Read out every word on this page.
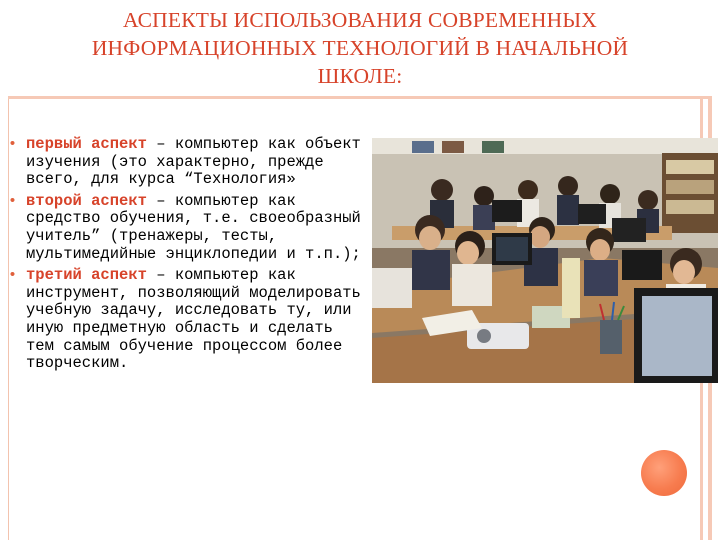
АСПЕКТЫ ИСПОЛЬЗОВАНИЯ СОВРЕМЕННЫХ
ИНФОРМАЦИОННЫХ ТЕХНОЛОГИЙ В НАЧАЛЬНОЙ
ШКОЛЕ:
• первый аспект – компьютер как объект изучения (это характерно, прежде всего, для курса “Технология»
• второй аспект – компьютер как средство обучения, т.е. своеобразный учитель” (тренажеры, тесты, мультимедийные энциклопедии и т.п.);
• третий аспект – компьютер как инструмент, позволяющий моделировать учебную задачу, исследовать ту, или иную предметную область и сделать тем самым обучение процессом более творческим.
